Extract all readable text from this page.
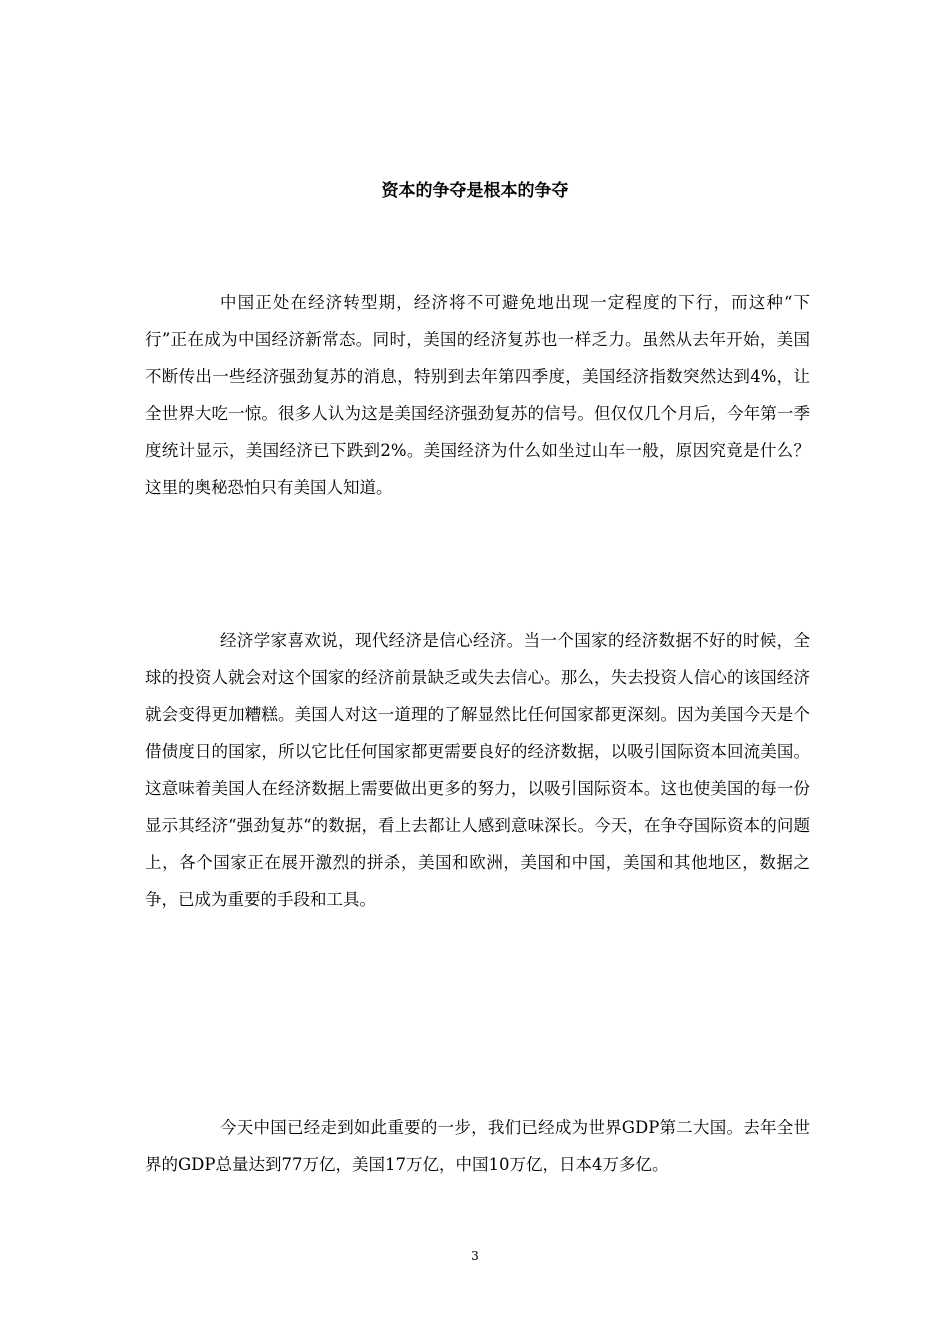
资本的争夺是根本的争夺

中国正处在经济转型期，经济将不可避免地出现一定程度的下行，而这种“下行”正在成为中国经济新常态。同时，美国的经济复苏也一样乏力。虽然从去年开始，美国不断传出一些经济强劲复苏的消息，特别到去年第四季度，美国经济指数突然达到4%，让全世界大吃一惊。很多人认为这是美国经济强劲复苏的信号。但仅仅几个月后，今年第一季度统计显示，美国经济已下跌到2%。美国经济为什么如坐过山车一般，原因究竟是什么？这里的奥秘恐怕只有美国人知道。

经济学家喜欢说，现代经济是信心经济。当一个国家的经济数据不好的时候，全球的投资人就会对这个国家的经济前景缺乏或失去信心。那么，失去投资人信心的该国经济就会变得更加糟糕。美国人对这一道理的了解显然比任何国家都更深刻。因为美国今天是个借债度日的国家，所以它比任何国家都更需要良好的经济数据，以吸引国际资本回流美国。这意味着美国人在经济数据上需要做出更多的努力，以吸引国际资本。这也使美国的每一份显示其经济“强劲复苏“的数据，看上去都让人感到意味深长。今天，在争夺国际资本的问题上，各个国家正在展开激烈的拼杀，美国和欧洲，美国和中国，美国和其他地区，数据之争，已成为重要的手段和工具。

今天中国已经走到如此重要的一步，我们已经成为世界GDP第二大国。去年全世界的GDP总量达到77万亿，美国17万亿，中国10万亿，日本4万多亿。

3
